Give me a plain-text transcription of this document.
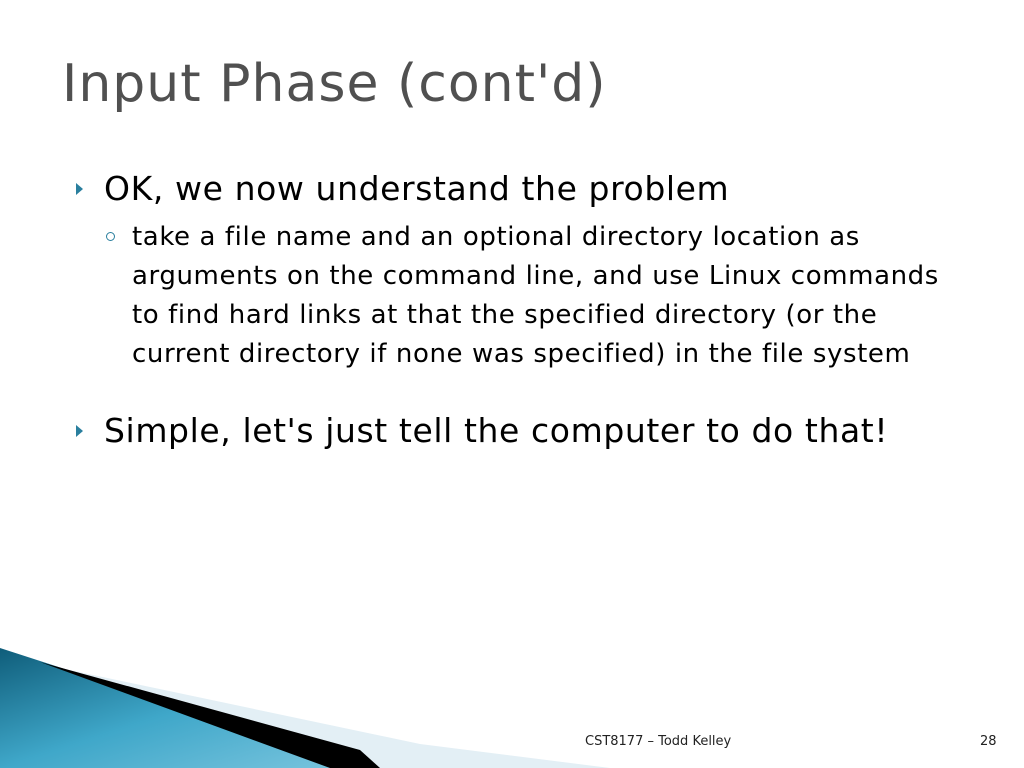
Input Phase (cont'd)
OK, we now understand the problem
take a file name and an optional directory location as arguments on the command line, and use Linux commands to find hard links at that the specified directory (or the current directory if none was specified) in the file system
Simple, let's just tell the computer to do that!
CST8177 – Todd Kelley	28
